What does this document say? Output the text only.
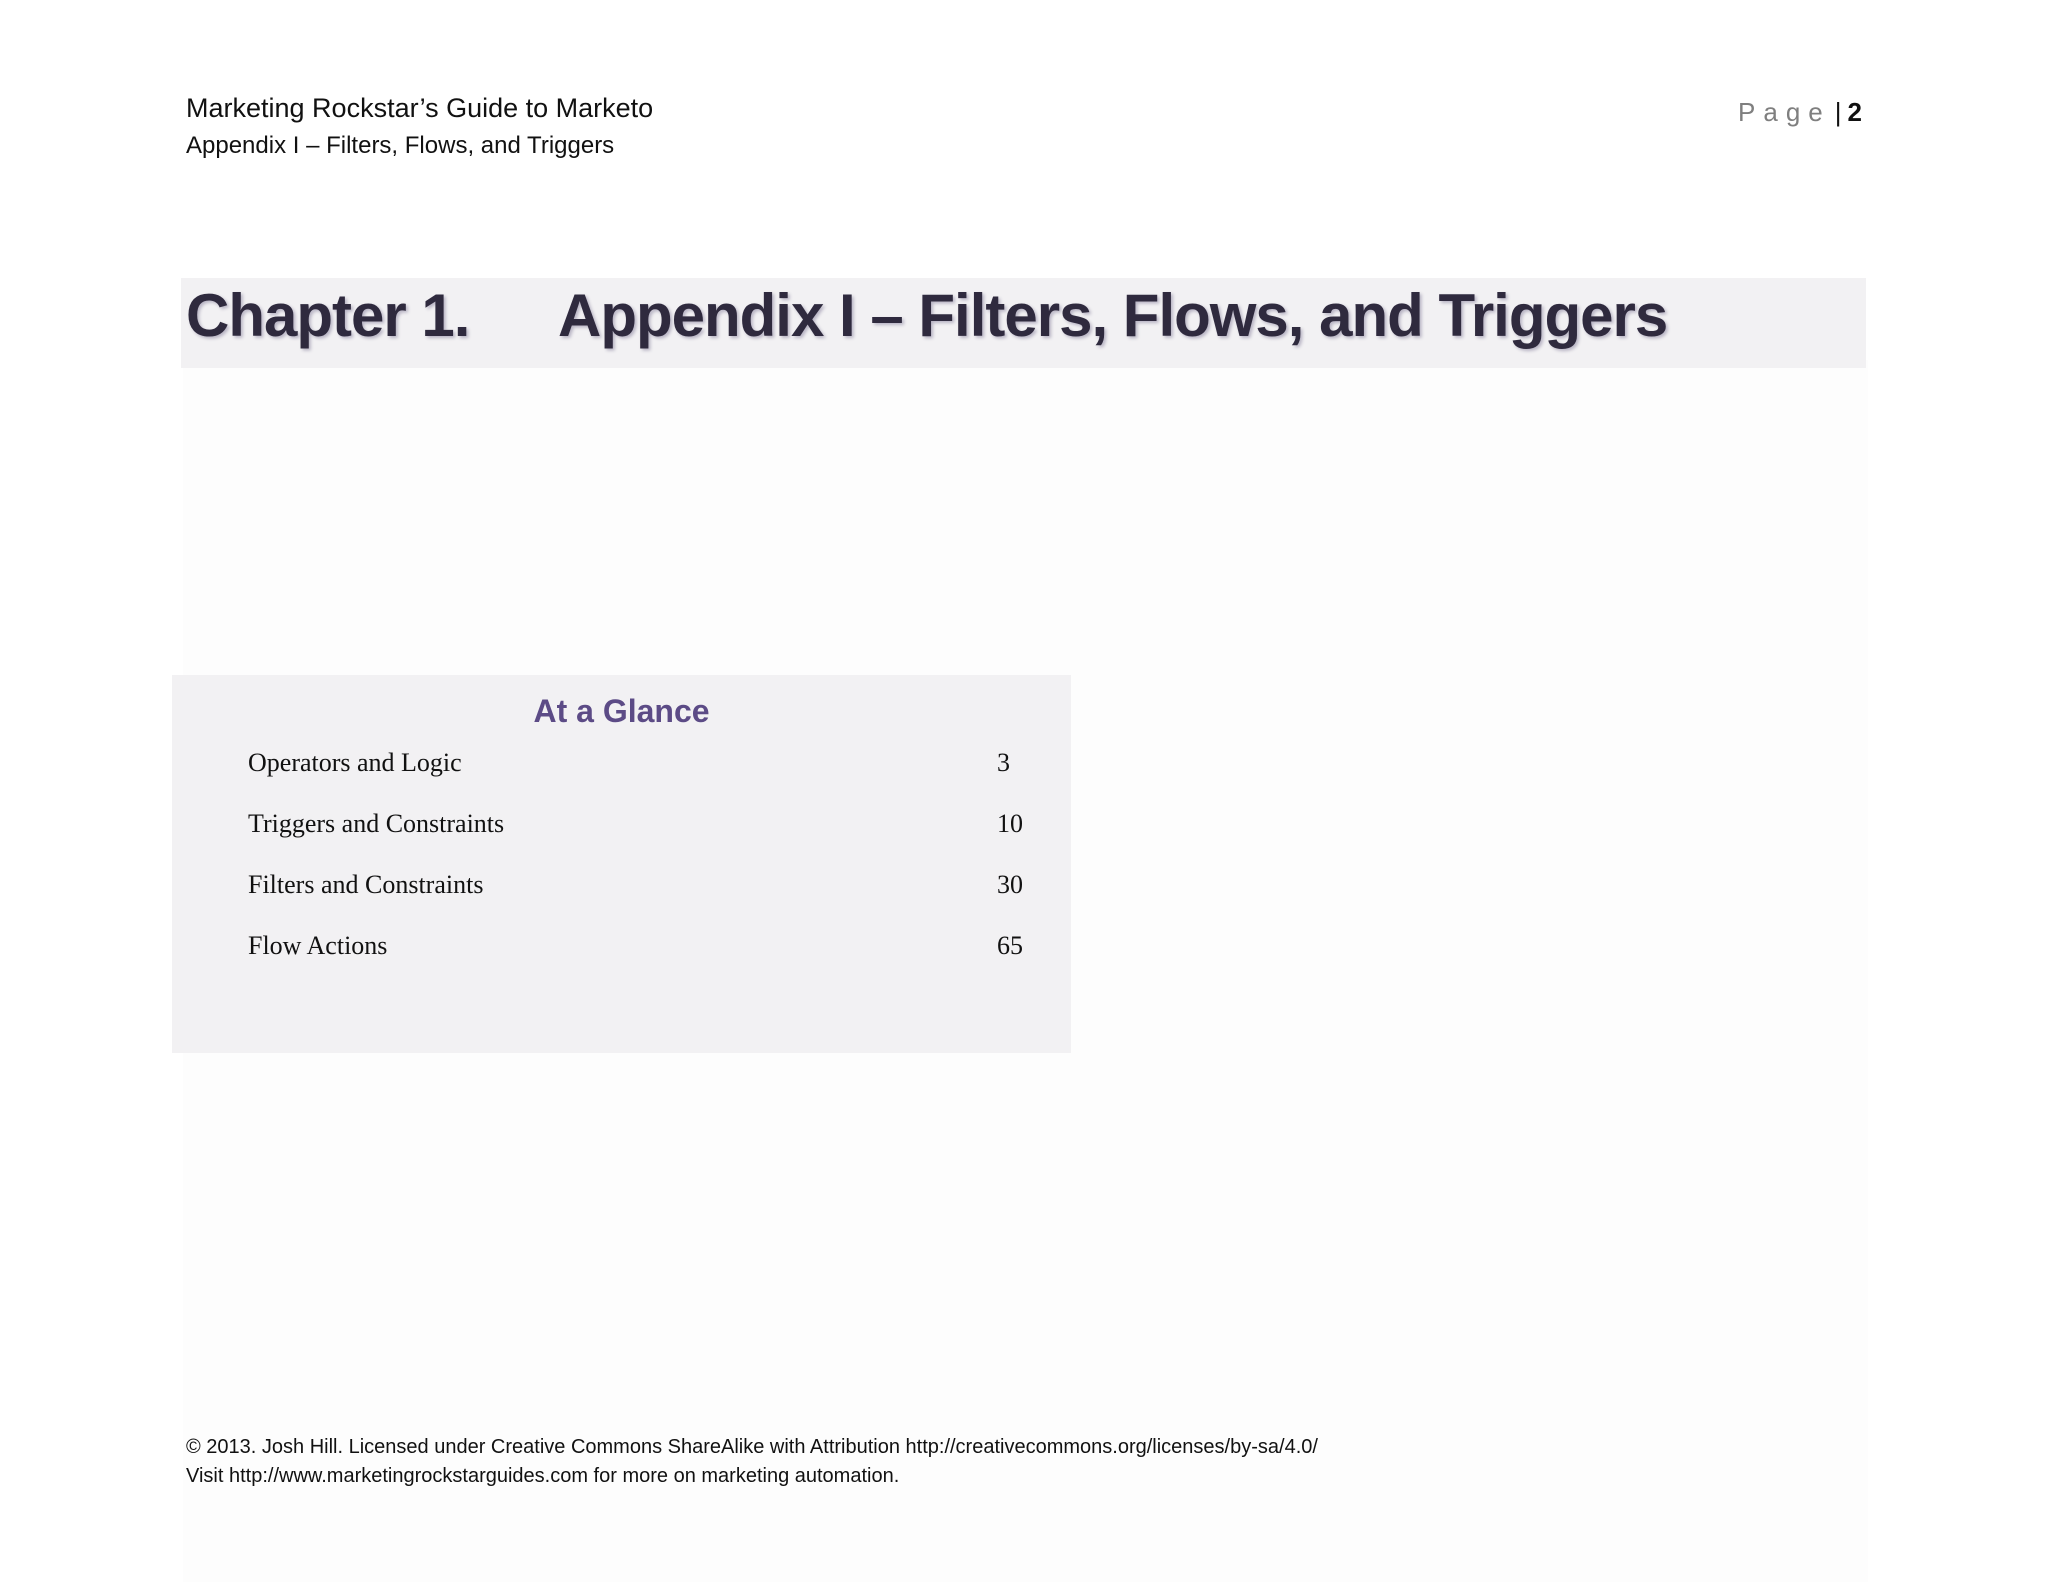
Marketing Rockstar’s Guide to Marketo
Appendix I – Filters, Flows, and Triggers
Page | 2
Chapter 1. Appendix I – Filters, Flows, and Triggers
At a Glance
Operators and Logic	3
Triggers and Constraints	10
Filters and Constraints	30
Flow Actions	65
© 2013. Josh Hill. Licensed under Creative Commons ShareAlike with Attribution http://creativecommons.org/licenses/by-sa/4.0/
Visit http://www.marketingrockstarguides.com for more on marketing automation.
